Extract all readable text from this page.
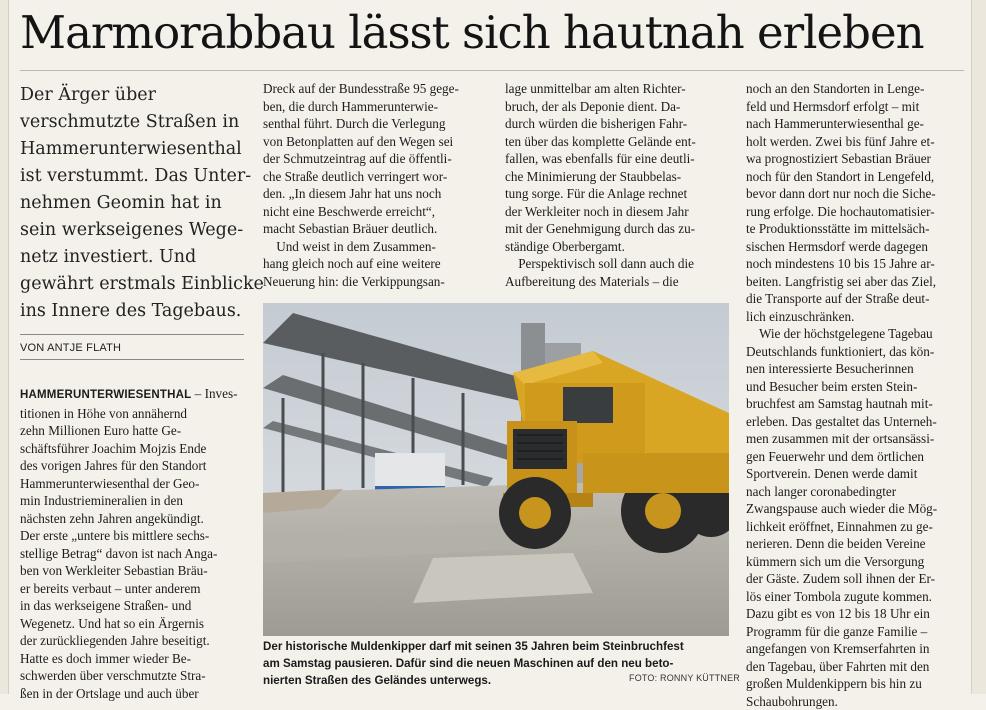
Marmorabbau lässt sich hautnah erleben

Der Ärger über
verschmutzte Straßen in
Hammerunterwiesenthal
ist verstummt. Das Unter-
nehmen Geomin hat in
sein werkseigenes Wege-
netz investiert. Und
gewährt erstmals Einblicke
ins Innere des Tagebaus.

VON ANTJE FLATH
HAMMERUNTERWIESENTHAL – Inves-
titionen in Höhe von annähernd
zehn Millionen Euro hatte Ge-
schäftsführer Joachim Mojzis Ende
des vorigen Jahres für den Standort
Hammerunterwiesenthal der Geo-
min Industriemineralien in den
nächsten zehn Jahren angekündigt.
Der erste „untere bis mittlere sechs-
stellige Betrag“ davon ist nach Anga-
ben von Werkleiter Sebastian Bräu-
er bereits verbaut – unter anderem
in das werkseigene Straßen- und
Wegenetz. Und hat so ein Ärgernis
der zurückliegenden Jahre beseitigt.
Hatte es doch immer wieder Be-
schwerden über verschmutzte Stra-
ßen in der Ortslage und auch über
Dreck auf der Bundesstraße 95 gege-
ben, die durch Hammerunterwie-
senthal führt. Durch die Verlegung
von Betonplatten auf den Wegen sei
der Schmutzeintrag auf die öffentli-
che Straße deutlich verringert wor-
den. „In diesem Jahr hat uns noch
nicht eine Beschwerde erreicht“,
macht Sebastian Bräuer deutlich.
Und weist in dem Zusammen-
hang gleich noch auf eine weitere
Neuerung hin: die Verkippungsan-
lage unmittelbar am alten Richter-
bruch, der als Deponie dient. Da-
durch würden die bisherigen Fahr-
ten über das komplette Gelände ent-
fallen, was ebenfalls für eine deutli-
che Minimierung der Staubbelas-
tung sorge. Für die Anlage rechnet
der Werkleiter noch in diesem Jahr
mit der Genehmigung durch das zu-
ständige Oberbergamt.
Perspektivisch soll dann auch die
Aufbereitung des Materials – die
noch an den Standorten in Lenge-
feld und Hermsdorf erfolgt – mit
nach Hammerunterwiesenthal ge-
holt werden. Zwei bis fünf Jahre et-
wa prognostiziert Sebastian Bräuer
noch für den Standort in Lengefeld,
bevor dann dort nur noch die Siche-
rung erfolge. Die hochautomatisier-
te Produktionsstätte im mittelsäch-
sischen Hermsdorf werde dagegen
noch mindestens 10 bis 15 Jahre ar-
beiten. Langfristig sei aber das Ziel,
die Transporte auf der Straße deut-
lich einzuschränken.
Wie der höchstgelegene Tagebau
Deutschlands funktioniert, das kön-
nen interessierte Besucherinnen
und Besucher beim ersten Stein-
bruchfest am Samstag hautnah mit-
erleben. Das gestaltet das Unterneh-
men zusammen mit der ortsansässi-
gen Feuerwehr und dem örtlichen
Sportverein. Denen werde damit
nach langer coronabedingter
Zwangspause auch wieder die Mög-
lichkeit eröffnet, Einnahmen zu ge-
nerieren. Denn die beiden Vereine
kümmern sich um die Versorgung
der Gäste. Zudem soll ihnen der Er-
lös einer Tombola zugute kommen.
Dazu gibt es von 12 bis 18 Uhr ein
Programm für die ganze Familie –
angefangen von Kremserfahrten in
den Tagebau, über Fahrten mit den
großen Muldenkippern bis hin zu
Schaubohrungen.
Der historische Muldenkipper darf mit seinen 35 Jahren beim Steinbruchfest
am Samstag pausieren. Dafür sind die neuen Maschinen auf den neu beto-
nierten Straßen des Geländes unterwegs.	FOTO: RONNY KÜTTNER
